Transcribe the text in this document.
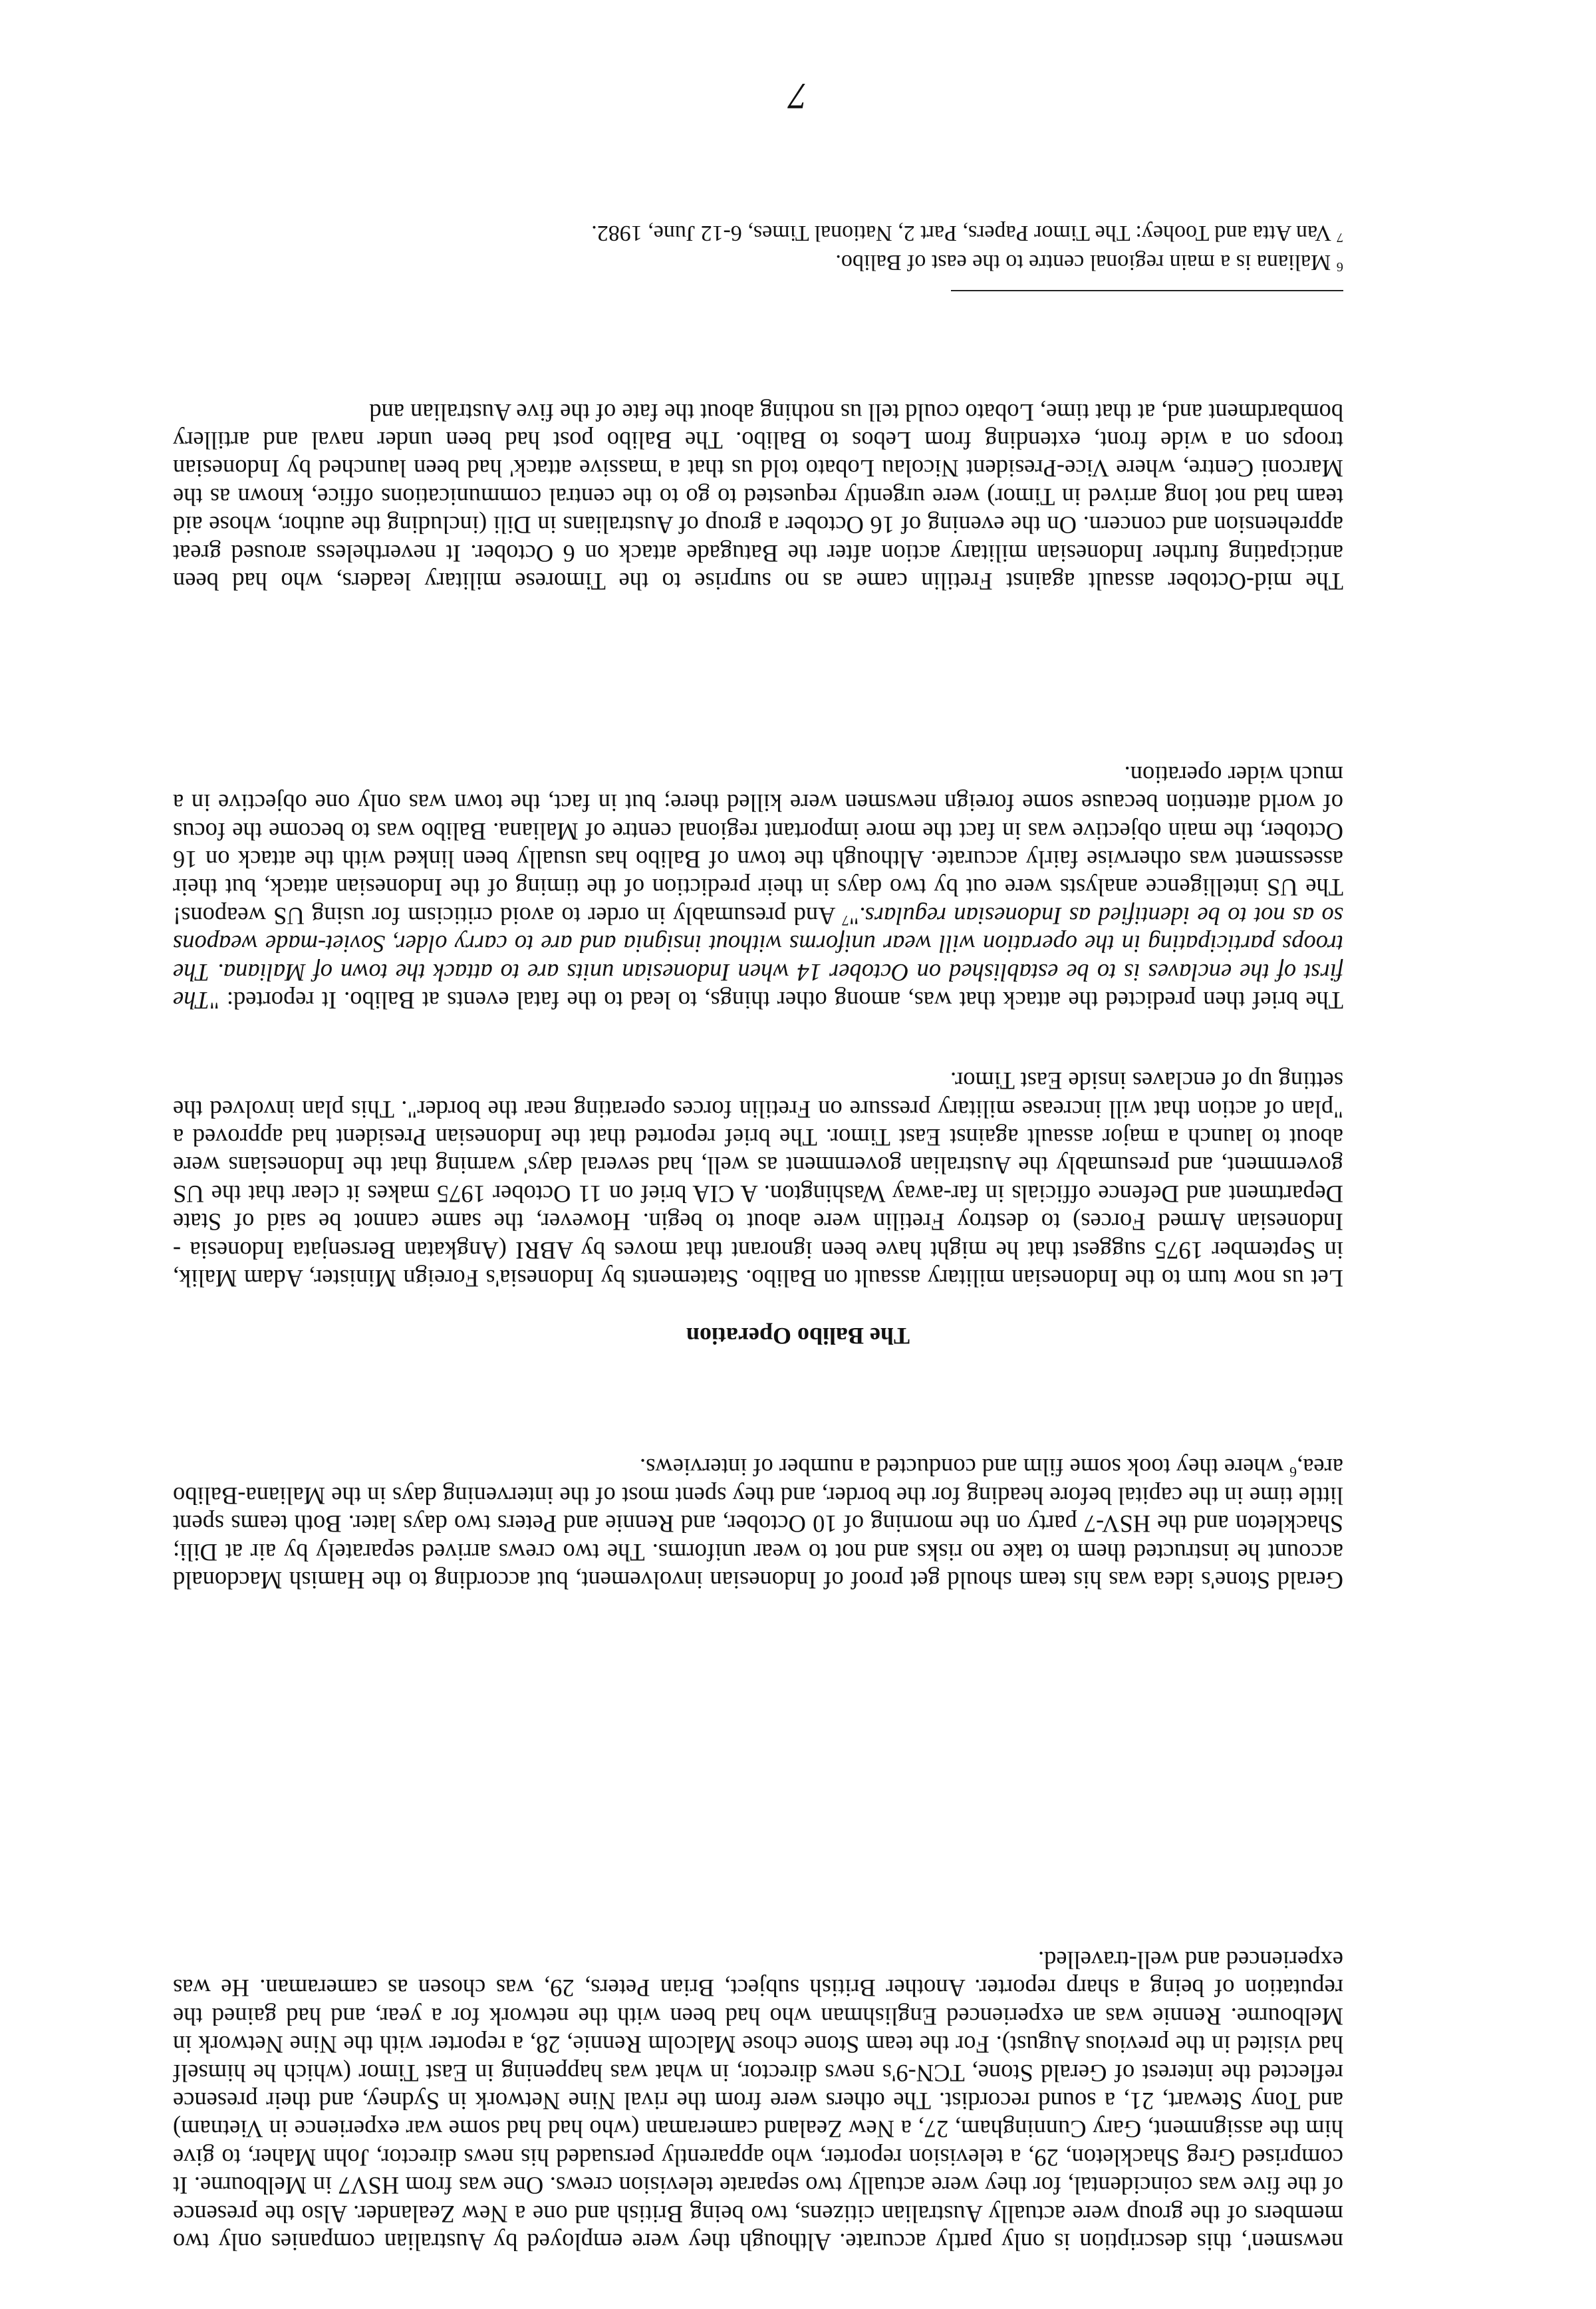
newsmen', this description is only partly accurate. Although they were employed by Australian companies only two members of the group were actually Australian citizens, two being British and one a New Zealander. Also the presence of the five was coincidental, for they were actually two separate television crews. One was from HSV7 in Melbourne. It comprised Greg Shackleton, 29, a television reporter, who apparently persuaded his news director, John Maher, to give him the assignment, Gary Cunningham, 27, a New Zealand cameraman (who had had some war experience in Vietnam) and Tony Stewart, 21, a sound recordist. The others were from the rival Nine Network in Sydney, and their presence reflected the interest of Gerald Stone, TCN-9's news director, in what was happening in East Timor (which he himself had visited in the previous August). For the team Stone chose Malcolm Rennie, 28, a reporter with the Nine Network in Melbourne. Rennie was an experienced Englishman who had been with the network for a year, and had gained the reputation of being a sharp reporter. Another British subject, Brian Peters, 29, was chosen as cameraman. He was experienced and well-travelled.

Gerald Stone's idea was his team should get proof of Indonesian involvement, but according to the Hamish Macdonald account he instructed them to take no risks and not to wear uniforms. The two crews arrived separately by air at Dili; Shackleton and the HSV-7 party on the morning of 10 October, and Rennie and Peters two days later. Both teams spent little time in the capital before heading for the border, and they spent most of the intervening days in the Maliana-Balibo area,$^6$ where they took some film and conducted a number of interviews.

The Balibo Operation

Let us now turn to the Indonesian military assault on Balibo. Statements by Indonesia's Foreign Minister, Adam Malik, in September 1975 suggest that he might have been ignorant that moves by ABRI (Angkatan Bersenjata Indonesia - Indonesian Armed Forces) to destroy Fretilin were about to begin. However, the same cannot be said of State Department and Defence officials in far-away Washington. A CIA brief on 11 October 1975 makes it clear that the US government, and presumably the Australian government as well, had several days' warning that the Indonesians were about to launch a major assault against East Timor. The brief reported that the Indonesian President had approved a "plan of action that will increase military pressure on Fretilin forces operating near the border". This plan involved the setting up of enclaves inside East Timor.

The brief then predicted the attack that was, among other things, to lead to the fatal events at Balibo. It reported: "The first of the enclaves is to be established on October 14 when Indonesian units are to attack the town of Maliana. The troops participating in the operation will wear uniforms without insignia and are to carry older, Soviet-made weapons so as not to be identified as Indonesian regulars."$^7$ And presumably in order to avoid criticism for using US weapons! The US intelligence analysts were out by two days in their prediction of the timing of the Indonesian attack, but their assessment was otherwise fairly accurate. Although the town of Balibo has usually been linked with the attack on 16 October, the main objective was in fact the more important regional centre of Maliana. Balibo was to become the focus of world attention because some foreign newsmen were killed there; but in fact, the town was only one objective in a much wider operation.

The mid-October assault against Fretilin came as no surprise to the Timorese military leaders, who had been anticipating further Indonesian military action after the Batugade attack on 6 October. It nevertheless aroused great apprehension and concern. On the evening of 16 October a group of Australians in Dili (including the author, whose aid team had not long arrived in Timor) were urgently requested to go to the central communications office, known as the Marconi Centre, where Vice-President Nicolau Lobato told us that a 'massive attack' had been launched by Indonesian troops on a wide front, extending from Lebos to Balibo. The Balibo post had been under naval and artillery bombardment and, at that time, Lobato could tell us nothing about the fate of the five Australian and

$^6$ Maliana is a main regional centre to the east of Balibo.
$^7$ Van Atta and Toohey: The Timor Papers, Part 2, National Times, 6-12 June, 1982.
7
